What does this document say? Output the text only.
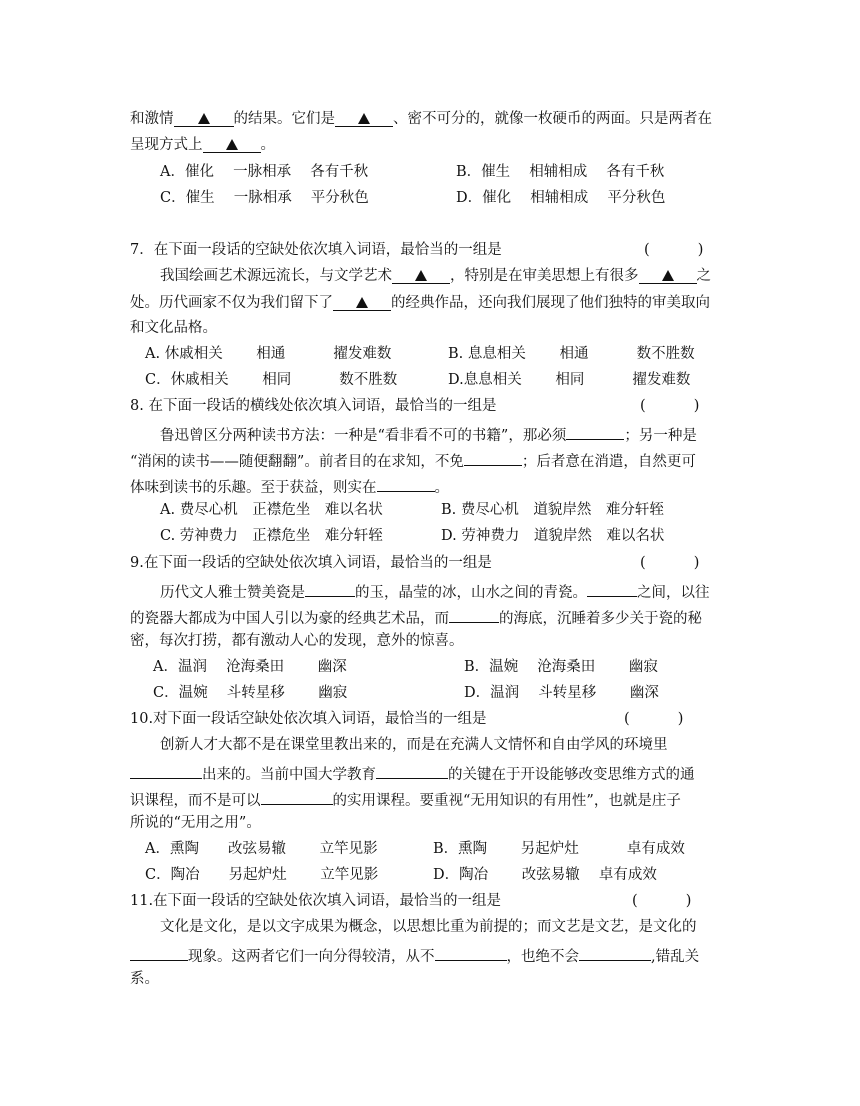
和激情	的结果。它们是	、密不可分的，就像一枚硬币的两面。只是两者在
呈现方式上	。
A．催化　 一脉相承　 各有千秋	B．催生　 相辅相成　 各有千秋
C．催生　 一脉相承　 平分秋色	D．催化　 相辅相成　 平分秋色
7．在下面一段话的空缺处依次填入词语，最恰当的一组是	(　　　 )
我国绘画艺术源远流长，与文学艺术	，特别是在审美思想上有很多	之
处。历代画家不仅为我们留下了	的经典作品，还向我们展现了他们独特的审美取向
和文化品格。
A. 休戚相关　　 相通　　　 擢发难数	B. 息息相关　　 相通　　　 数不胜数
C．休戚相关　　 相同　　　 数不胜数	D.息息相关　　 相同　　　 擢发难数
8. 在下面一段话的横线处依次填入词语，最恰当的一组是	(　　　 )
鲁迅曾区分两种读书方法：一种是“看非看不可的书籍”，那必须	；另一种是
“消闲的读书——随便翻翻”。前者目的在求知，不免	；后者意在消遣，自然更可
体味到读书的乐趣。至于获益，则实在	。
A. 费尽心机　正襟危坐　难以名状	B. 费尽心机　道貌岸然　难分轩轾
C. 劳神费力　正襟危坐　难分轩轾	D. 劳神费力　道貌岸然　难以名状
9.在下面一段话的空缺处依次填入词语，最恰当的一组是	(　　　 )
历代文人雅士赞美瓷是	的玉，晶莹的冰，山水之间的青瓷。	之间，以往
的瓷器大都成为中国人引以为豪的经典艺术品，而	的海底，沉睡着多少关于瓷的秘
密，每次打捞，都有激动人心的发现，意外的惊喜。
A．温润　 沧海桑田　　 幽深	B．温婉　 沧海桑田　　 幽寂
C．温婉　 斗转星移　　 幽寂	D．温润　 斗转星移　　 幽深
10.对下面一段话空缺处依次填入词语，最恰当的一组是	(　　　 )
创新人才大都不是在课堂里教出来的，而是在充满人文情怀和自由学风的环境里
出来的。当前中国大学教育	的关键在于开设能够改变思维方式的通
识课程，而不是可以	的实用课程。要重视“无用知识的有用性”，也就是庄子
所说的“无用之用”。
A．熏陶　　改弦易辙　　 立竿见影	B．熏陶　　 另起炉灶　　　 卓有成效
C．陶冶　　另起炉灶　　 立竿见影	D．陶冶　　 改弦易辙　 卓有成效
11.在下面一段话的空缺处依次填入词语，最恰当的一组是	(　　　 )
文化是文化，是以文字成果为概念，以思想比重为前提的；而文艺是文艺，是文化的
现象。这两者它们一向分得较清，从不	，也绝不会	,错乱关
系。
